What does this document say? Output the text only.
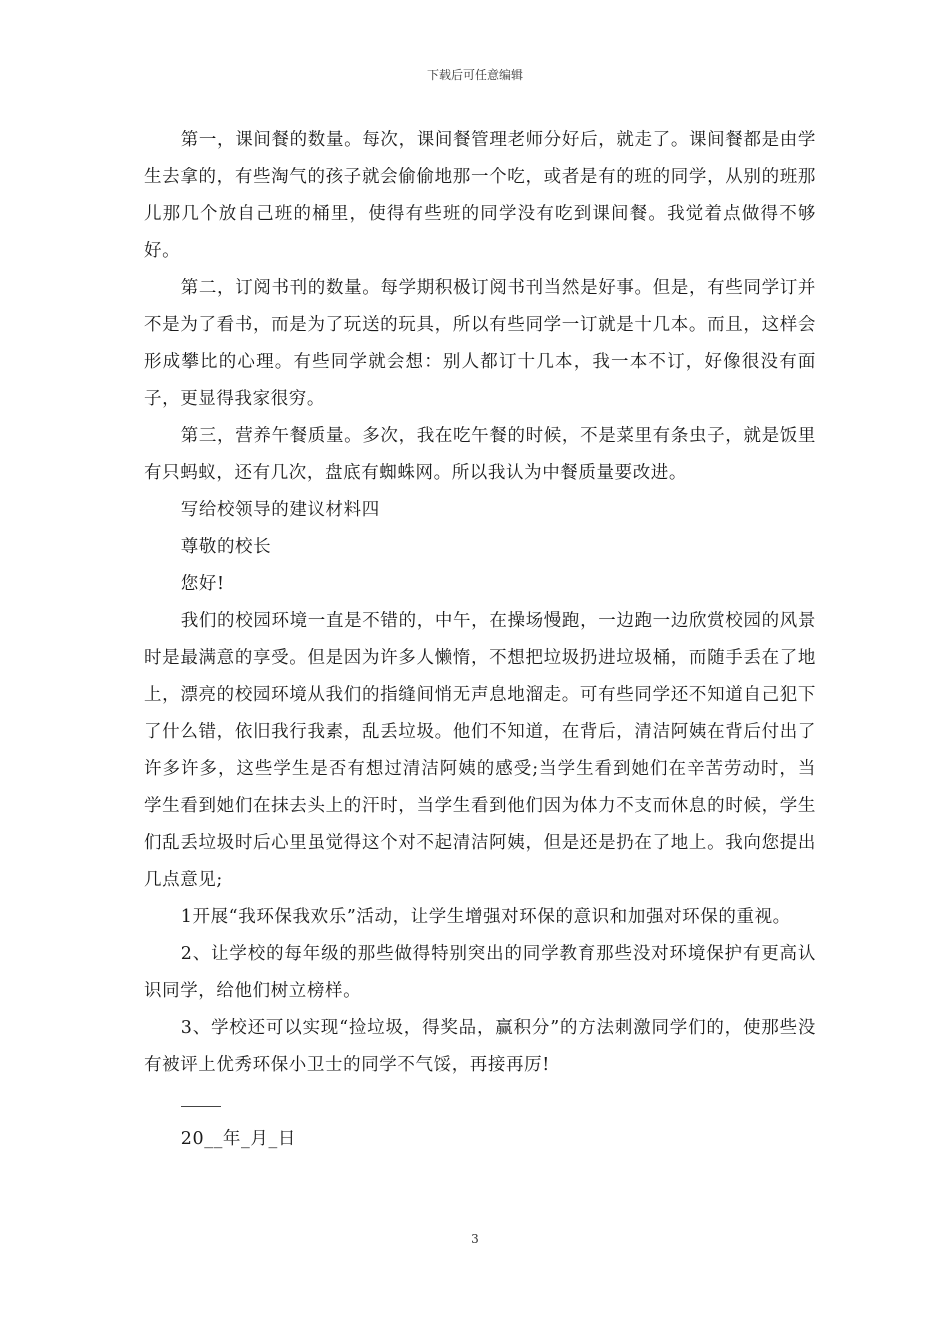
下载后可任意编辑

第一，课间餐的数量。每次，课间餐管理老师分好后，就走了。课间餐都是由学生去拿的，有些淘气的孩子就会偷偷地那一个吃，或者是有的班的同学，从别的班那儿那几个放自己班的桶里，使得有些班的同学没有吃到课间餐。我觉着点做得不够好。

第二，订阅书刊的数量。每学期积极订阅书刊当然是好事。但是，有些同学订并不是为了看书，而是为了玩送的玩具，所以有些同学一订就是十几本。而且，这样会形成攀比的心理。有些同学就会想：别人都订十几本，我一本不订，好像很没有面子，更显得我家很穷。

第三，营养午餐质量。多次，我在吃午餐的时候，不是菜里有条虫子，就是饭里有只蚂蚁，还有几次，盘底有蜘蛛网。所以我认为中餐质量要改进。

写给校领导的建议材料四

尊敬的校长

您好!

我们的校园环境一直是不错的，中午，在操场慢跑，一边跑一边欣赏校园的风景时是最满意的享受。但是因为许多人懒惰，不想把垃圾扔进垃圾桶，而随手丢在了地上，漂亮的校园环境从我们的指缝间悄无声息地溜走。可有些同学还不知道自己犯下了什么错，依旧我行我素，乱丢垃圾。他们不知道，在背后，清洁阿姨在背后付出了许多许多，这些学生是否有想过清洁阿姨的感受;当学生看到她们在辛苦劳动时，当学生看到她们在抹去头上的汗时，当学生看到他们因为体力不支而休息的时候，学生们乱丢垃圾时后心里虽觉得这个对不起清洁阿姨，但是还是扔在了地上。我向您提出几点意见;

1开展“我环保我欢乐”活动，让学生增强对环保的意识和加强对环保的重视。

2、让学校的每年级的那些做得特别突出的同学教育那些没对环境保护有更高认识同学，给他们树立榜样。

3、学校还可以实现“捡垃圾，得奖品，赢积分”的方法刺激同学们的，使那些没有被评上优秀环保小卫士的同学不气馁，再接再厉!

20__年_月_日

3
